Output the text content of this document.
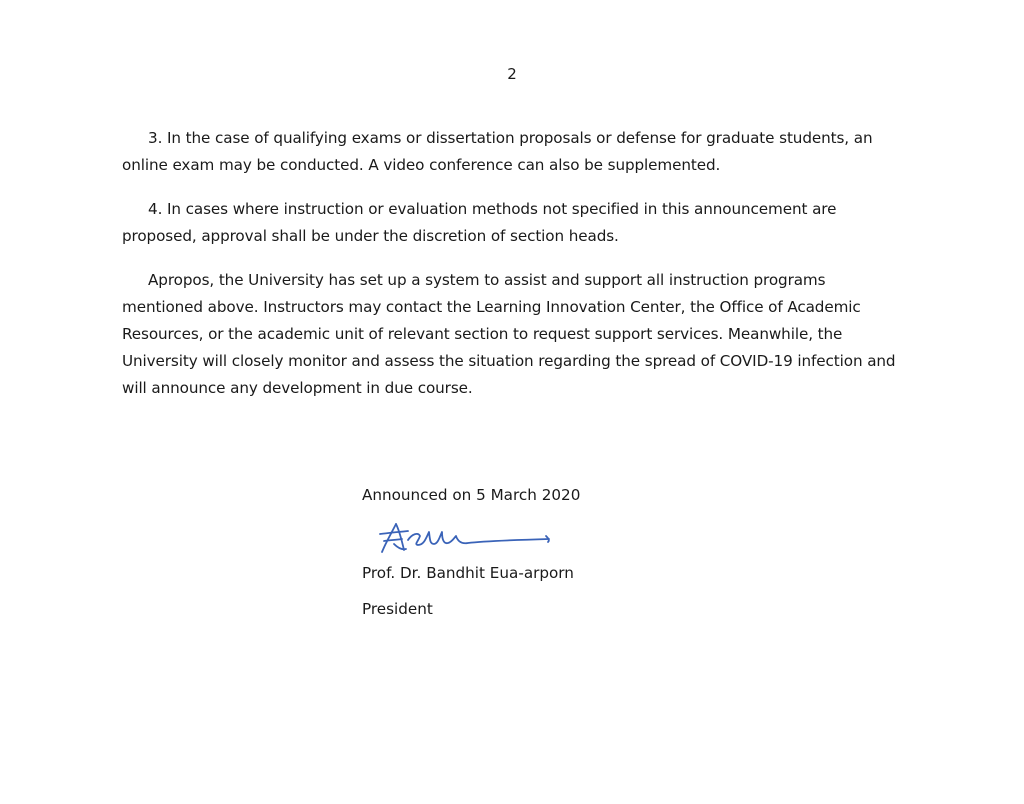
2

3. In the case of qualifying exams or dissertation proposals or defense for graduate students, an online exam may be conducted. A video conference can also be supplemented.

4. In cases where instruction or evaluation methods not specified in this announcement are proposed, approval shall be under the discretion of section heads.

Apropos, the University has set up a system to assist and support all instruction programs mentioned above. Instructors may contact the Learning Innovation Center, the Office of Academic Resources, or the academic unit of relevant section to request support services. Meanwhile, the University will closely monitor and assess the situation regarding the spread of COVID-19 infection and will announce any development in due course.

Announced on 5 March 2020

Prof. Dr. Bandhit Eua-arporn

President
